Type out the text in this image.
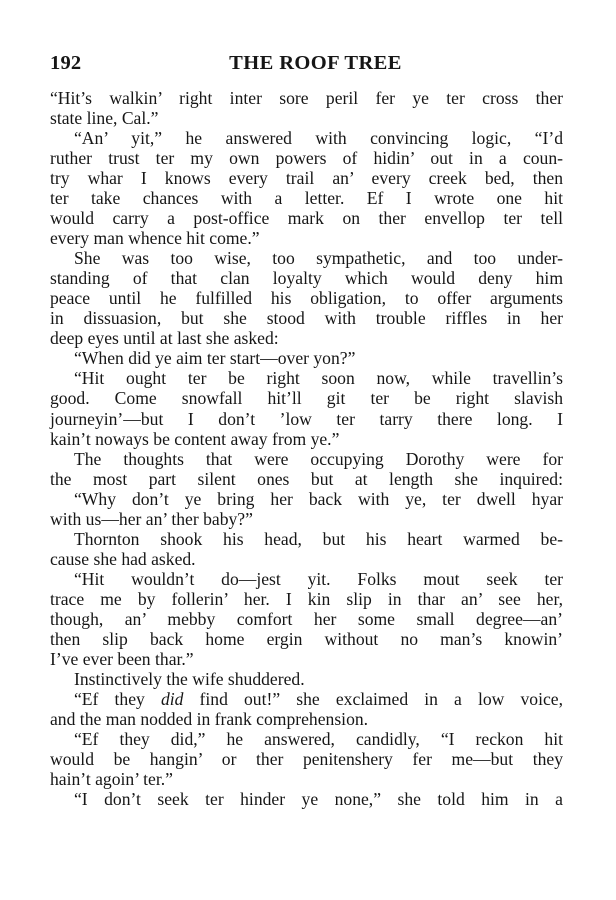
192	THE ROOF TREE
“Hit’s walkin’ right inter sore peril fer ye ter cross ther
state line, Cal.”
“An’ yit,” he answered with convincing logic, “I’d
ruther trust ter my own powers of hidin’ out in a coun-
try whar I knows every trail an’ every creek bed, then
ter take chances with a letter. Ef I wrote one hit
would carry a post-office mark on ther envellop ter tell
every man whence hit come.”
She was too wise, too sympathetic, and too under-
standing of that clan loyalty which would deny him
peace until he fulfilled his obligation, to offer arguments
in dissuasion, but she stood with trouble riffles in her
deep eyes until at last she asked:
“When did ye aim ter start—over yon?”
“Hit ought ter be right soon now, while travellin’s
good. Come snowfall hit’ll git ter be right slavish
journeyin’—but I don’t ’low ter tarry there long. I
kain’t noways be content away from ye.”
The thoughts that were occupying Dorothy were for
the most part silent ones but at length she inquired:
“Why don’t ye bring her back with ye, ter dwell hyar
with us—her an’ ther baby?”
Thornton shook his head, but his heart warmed be-
cause she had asked.
“Hit wouldn’t do—jest yit. Folks mout seek ter
trace me by follerin’ her. I kin slip in thar an’ see her,
though, an’ mebby comfort her some small degree—an’
then slip back home ergin without no man’s knowin’
I’ve ever been thar.”
Instinctively the wife shuddered.
“Ef they did find out!” she exclaimed in a low voice,
and the man nodded in frank comprehension.
“Ef they did,” he answered, candidly, “I reckon hit
would be hangin’ or ther penitenshery fer me—but they
hain’t agoin’ ter.”
“I don’t seek ter hinder ye none,” she told him in a
